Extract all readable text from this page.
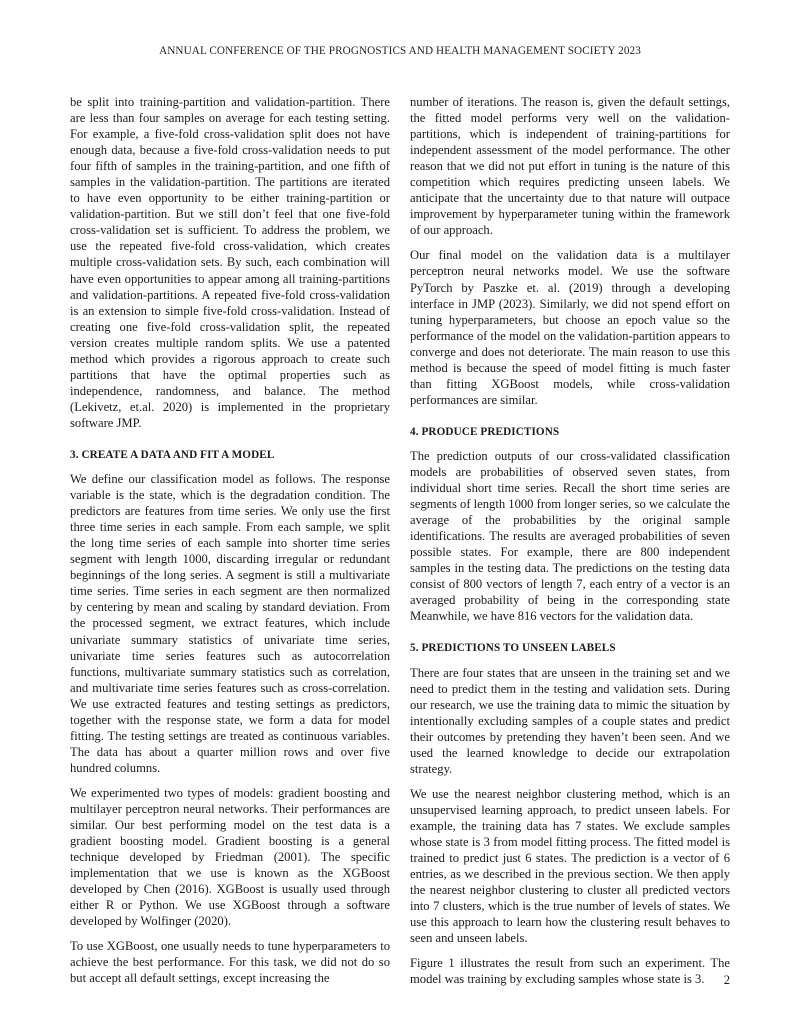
ANNUAL CONFERENCE OF THE PROGNOSTICS AND HEALTH MANAGEMENT SOCIETY 2023

be split into training-partition and validation-partition. There are less than four samples on average for each testing setting. For example, a five-fold cross-validation split does not have enough data, because a five-fold cross-validation needs to put four fifth of samples in the training-partition, and one fifth of samples in the validation-partition. The partitions are iterated to have even opportunity to be either training-partition or validation-partition. But we still don’t feel that one five-fold cross-validation set is sufficient. To address the problem, we use the repeated five-fold cross-validation, which creates multiple cross-validation sets. By such, each combination will have even opportunities to appear among all training-partitions and validation-partitions. A repeated five-fold cross-validation is an extension to simple five-fold cross-validation. Instead of creating one five-fold cross-validation split, the repeated version creates multiple random splits. We use a patented method which provides a rigorous approach to create such partitions that have the optimal properties such as independence, randomness, and balance. The method (Lekivetz, et.al. 2020) is implemented in the proprietary software JMP.

3. CREATE A DATA AND FIT A MODEL

We define our classification model as follows. The response variable is the state, which is the degradation condition. The predictors are features from time series. We only use the first three time series in each sample. From each sample, we split the long time series of each sample into shorter time series segment with length 1000, discarding irregular or redundant beginnings of the long series. A segment is still a multivariate time series. Time series in each segment are then normalized by centering by mean and scaling by standard deviation. From the processed segment, we extract features, which include univariate summary statistics of univariate time series, univariate time series features such as autocorrelation functions, multivariate summary statistics such as correlation, and multivariate time series features such as cross-correlation. We use extracted features and testing settings as predictors, together with the response state, we form a data for model fitting. The testing settings are treated as continuous variables. The data has about a quarter million rows and over five hundred columns.

We experimented two types of models: gradient boosting and multilayer perceptron neural networks. Their performances are similar. Our best performing model on the test data is a gradient boosting model. Gradient boosting is a general technique developed by Friedman (2001). The specific implementation that we use is known as the XGBoost developed by Chen (2016). XGBoost is usually used through either R or Python. We use XGBoost through a software developed by Wolfinger (2020).

To use XGBoost, one usually needs to tune hyperparameters to achieve the best performance. For this task, we did not do so but accept all default settings, except increasing the

number of iterations. The reason is, given the default settings, the fitted model performs very well on the validation-partitions, which is independent of training-partitions for independent assessment of the model performance. The other reason that we did not put effort in tuning is the nature of this competition which requires predicting unseen labels. We anticipate that the uncertainty due to that nature will outpace improvement by hyperparameter tuning within the framework of our approach.

Our final model on the validation data is a multilayer perceptron neural networks model. We use the software PyTorch by Paszke et. al. (2019) through a developing interface in JMP (2023). Similarly, we did not spend effort on tuning hyperparameters, but choose an epoch value so the performance of the model on the validation-partition appears to converge and does not deteriorate. The main reason to use this method is because the speed of model fitting is much faster than fitting XGBoost models, while cross-validation performances are similar.

4. PRODUCE PREDICTIONS

The prediction outputs of our cross-validated classification models are probabilities of observed seven states, from individual short time series. Recall the short time series are segments of length 1000 from longer series, so we calculate the average of the probabilities by the original sample identifications. The results are averaged probabilities of seven possible states. For example, there are 800 independent samples in the testing data. The predictions on the testing data consist of 800 vectors of length 7, each entry of a vector is an averaged probability of being in the corresponding state Meanwhile, we have 816 vectors for the validation data.

5. PREDICTIONS TO UNSEEN LABELS

There are four states that are unseen in the training set and we need to predict them in the testing and validation sets. During our research, we use the training data to mimic the situation by intentionally excluding samples of a couple states and predict their outcomes by pretending they haven’t been seen. And we used the learned knowledge to decide our extrapolation strategy.

We use the nearest neighbor clustering method, which is an unsupervised learning approach, to predict unseen labels. For example, the training data has 7 states. We exclude samples whose state is 3 from model fitting process. The fitted model is trained to predict just 6 states. The prediction is a vector of 6 entries, as we described in the previous section. We then apply the nearest neighbor clustering to cluster all predicted vectors into 7 clusters, which is the true number of levels of states. We use this approach to learn how the clustering result behaves to seen and unseen labels.

Figure 1 illustrates the result from such an experiment. The model was training by excluding samples whose state is 3.	2
